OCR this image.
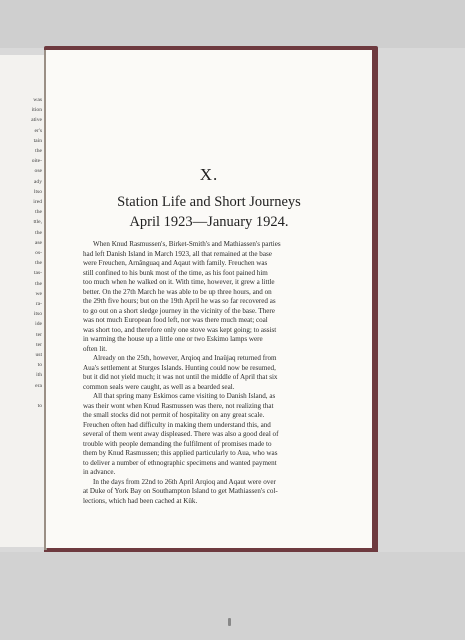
was
ition
ative
er's
tain
the
oite-
ose
ady
ltso
ired
the
ttle,
the
ase
os-
the
tas-
the
we
ra-
itso
ide
ter
ter
ust
to
ith
era
to
X.
Station Life and Short Journeys
April 1923—January 1924.

When Knud Rasmussen's, Birket-Smith's and Mathiassen's parties

had left Danish Island in March 1923, all that remained at the base

were Freuchen, Arnânguaq and Aqaut with family. Freuchen was

still confined to his bunk most of the time, as his foot pained him

too much when he walked on it. With time, however, it grew a little

better. On the 27th March he was able to be up three hours, and on

the 29th five hours; but on the 19th April he was so far recovered as

to go out on a short sledge journey in the vicinity of the base. There

was not much European food left, nor was there much meat; coal

was short too, and therefore only one stove was kept going; to assist

in warming the house up a little one or two Eskimo lamps were

often lit.

Already on the 25th, however, Arqioq and Inaüjaq returned from

Aua's settlement at Sturges Islands. Hunting could now be resumed,

but it did not yield much; it was not until the middle of April that six

common seals were caught, as well as a bearded seal.

All that spring many Eskimos came visiting to Danish Island, as

was their wont when Knud Rasmussen was there, not realizing that

the small stocks did not permit of hospitality on any great scale.

Freuchen often had difficulty in making them understand this, and

several of them went away displeased. There was also a good deal of

trouble with people demanding the fulfilment of promises made to

them by Knud Rasmussen; this applied particularly to Aua, who was

to deliver a number of ethnographic specimens and wanted payment

in advance.

In the days from 22nd to 26th April Arqioq and Aqaut were over

at Duke of York Bay on Southampton Island to get Mathiassen's col-

lections, which had been cached at Kük.
